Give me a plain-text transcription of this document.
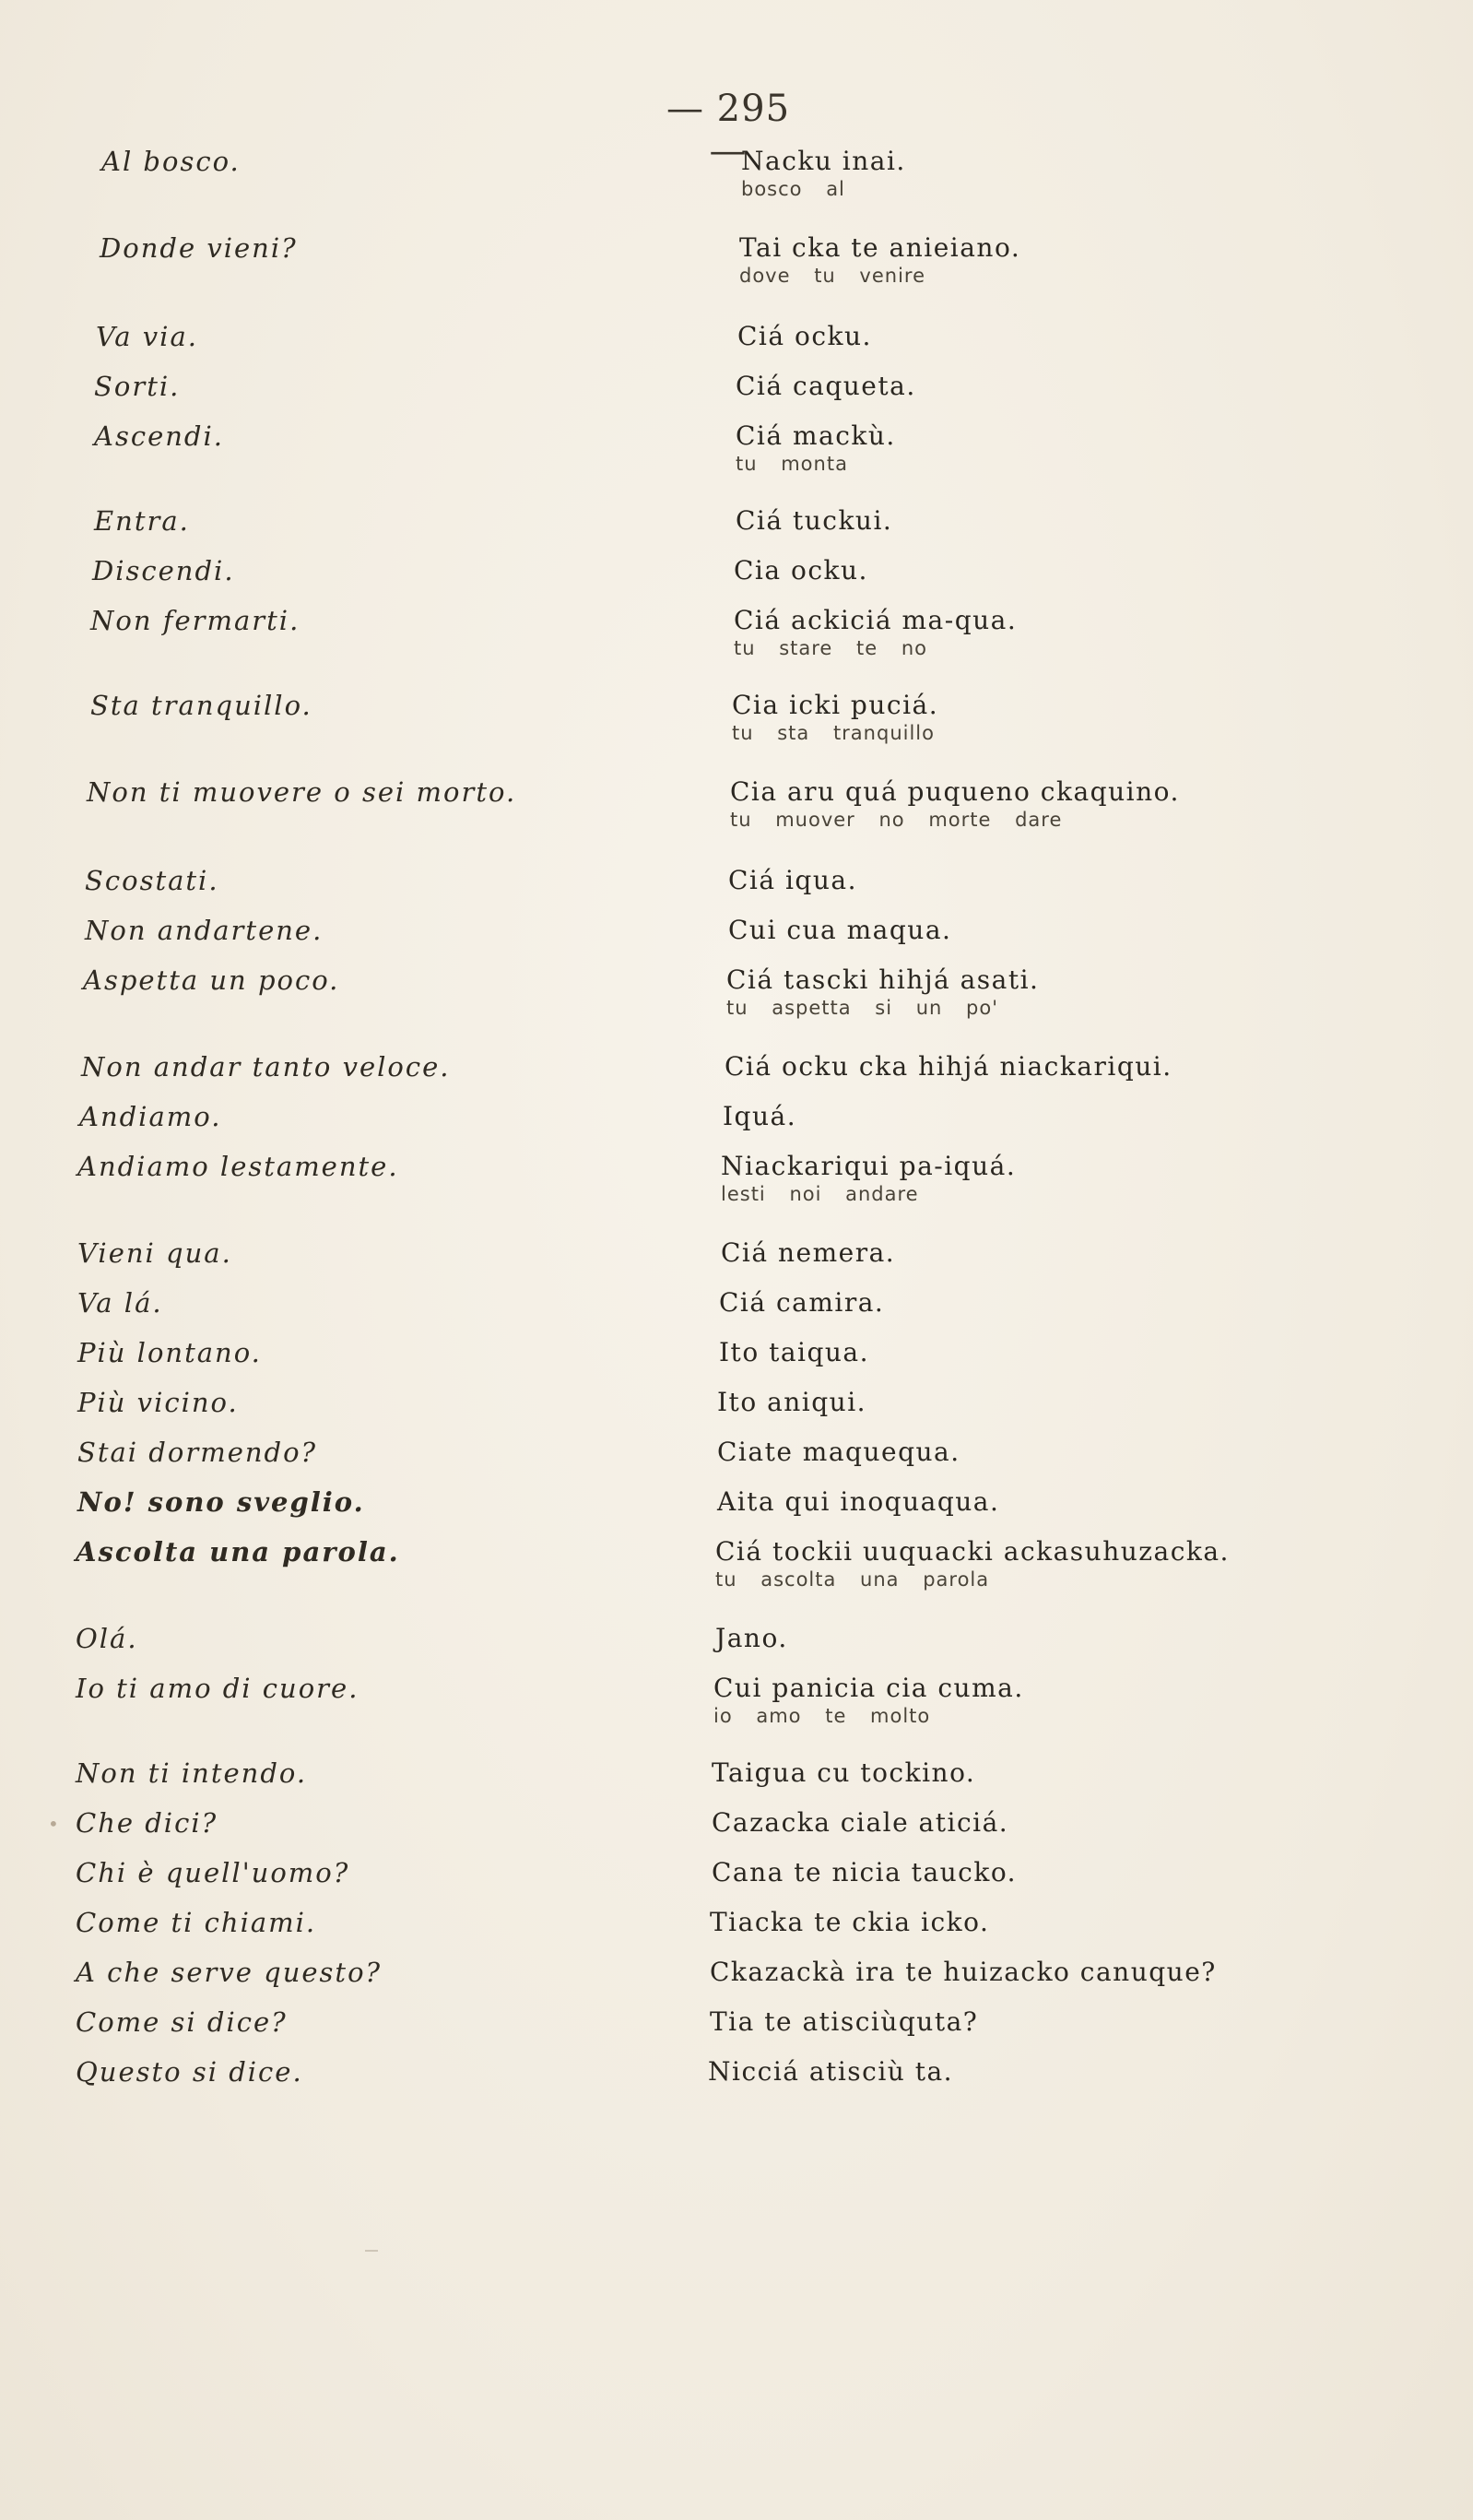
— 295 —
Al bosco.	Nacku inai.
bosco al
Donde vieni?	Tai cka te anieiano.
dove tu venire
Va via.	Ciá ocku.
Sorti.	Ciá caqueta.
Ascendi.	Ciá mackù.
tu monta
Entra.	Ciá tuckui.
Discendi.	Cia ocku.
Non fermarti.	Ciá ackiciá ma-qua.
tu stare te no
Sta tranquillo.	Cia icki puciá.
tu sta tranquillo
Non ti muovere o sei morto.	Cia aru quá puqueno ckaquino.
tu muover no morte dare
Scostati.	Ciá iqua.
Non andartene.	Cui cua maqua.
Aspetta un poco.	Ciá tascki hihjá asati.
tu aspetta si un po'
Non andar tanto veloce.	Ciá ocku cka hihjá niackariqui.
Andiamo.	Iquá.
Andiamo lestamente.	Niackariqui pa-iquá.
lesti noi andare
Vieni qua.	Ciá nemera.
Va lá.	Ciá camira.
Più lontano.	Ito taiqua.
Più vicino.	Ito aniqui.
Stai dormendo?	Ciate maquequa.
No! sono sveglio.	Aita qui inoquaqua.
Ascolta una parola.	Ciá tockii uuquacki ackasuhuzacka.
tu ascolta una parola
Olá.	Jano.
Io ti amo di cuore.	Cui panicia cia cuma.
io amo te molto
Non ti intendo.	Taigua cu tockino.
Che dici?	Cazacka ciale aticiá.
Chi è quell'uomo?	Cana te nicia taucko.
Come ti chiami.	Tiacka te ckia icko.
A che serve questo?	Ckazackà ira te huizacko canuque?
Come si dice?	Tia te atisciùquta?
Questo si dice.	Nicciá atisciù ta.
•
